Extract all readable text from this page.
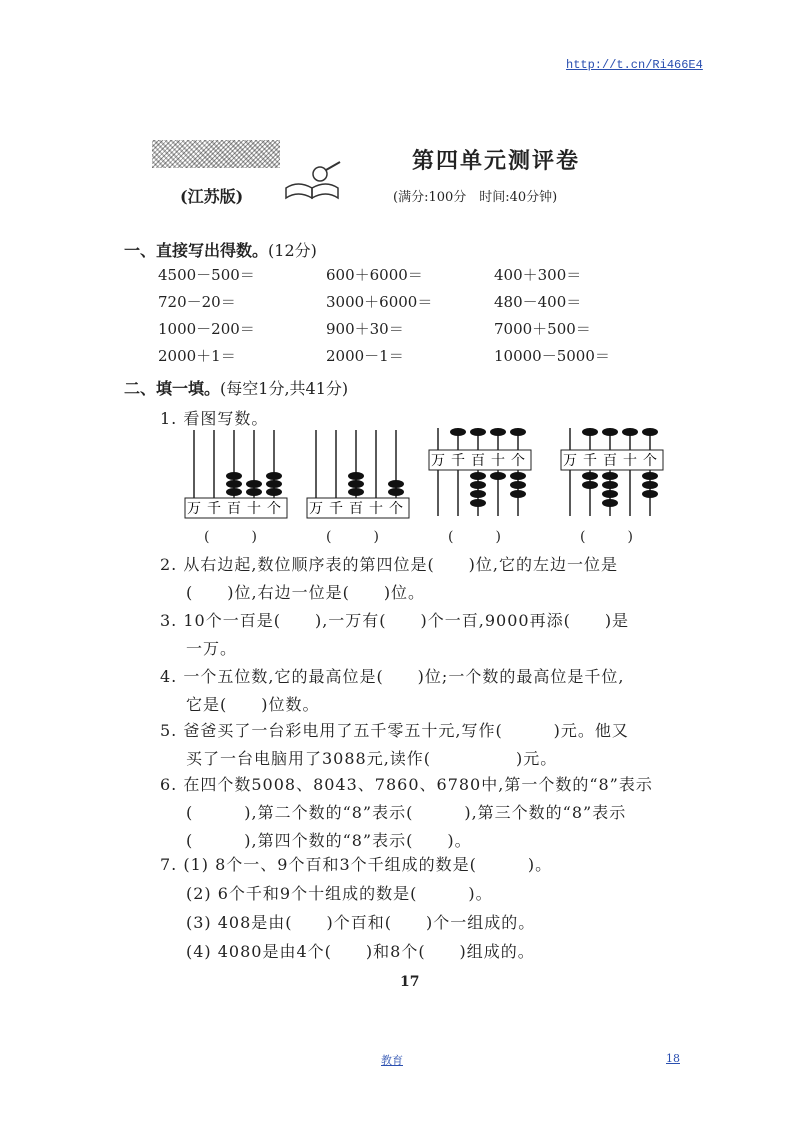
http://t.cn/Ri466E4
第四单元测评卷
(江苏版)	(满分:100分　时间:40分钟)
一、直接写出得数。(12分)
4500－500＝	600＋6000＝	400＋300＝
720－20＝	3000＋6000＝	480－400＝
1000－200＝	900＋30＝	7000＋500＝
2000＋1＝	2000－1＝	10000－5000＝
二、填一填。(每空1分,共41分)
1. 看图写数。
万 千 百 十 个
(　　　)
万 千 百 十 个
(　　　)
万 千 百 十 个
(　　　)
万 千 百 十 个
(　　　)
2. 从右边起,数位顺序表的第四位是(　　)位,它的左边一位是
(　　)位,右边一位是(　　)位。
3. 10个一百是(　　),一万有(　　)个一百,9000再添(　　)是
一万。
4. 一个五位数,它的最高位是(　　)位;一个数的最高位是千位,
它是(　　)位数。
5. 爸爸买了一台彩电用了五千零五十元,写作(　　　)元。他又
买了一台电脑用了3088元,读作(　　　　　)元。
6. 在四个数5008、8043、7860、6780中,第一个数的“8”表示
(　　　),第二个数的“8”表示(　　　),第三个数的“8”表示
(　　　),第四个数的“8”表示(　　)。
7. (1) 8个一、9个百和3个千组成的数是(　　　)。
(2) 6个千和9个十组成的数是(　　　)。
(3) 408是由(　　)个百和(　　)个一组成的。
(4) 4080是由4个(　　)和8个(　　)组成的。
17
教育	18
